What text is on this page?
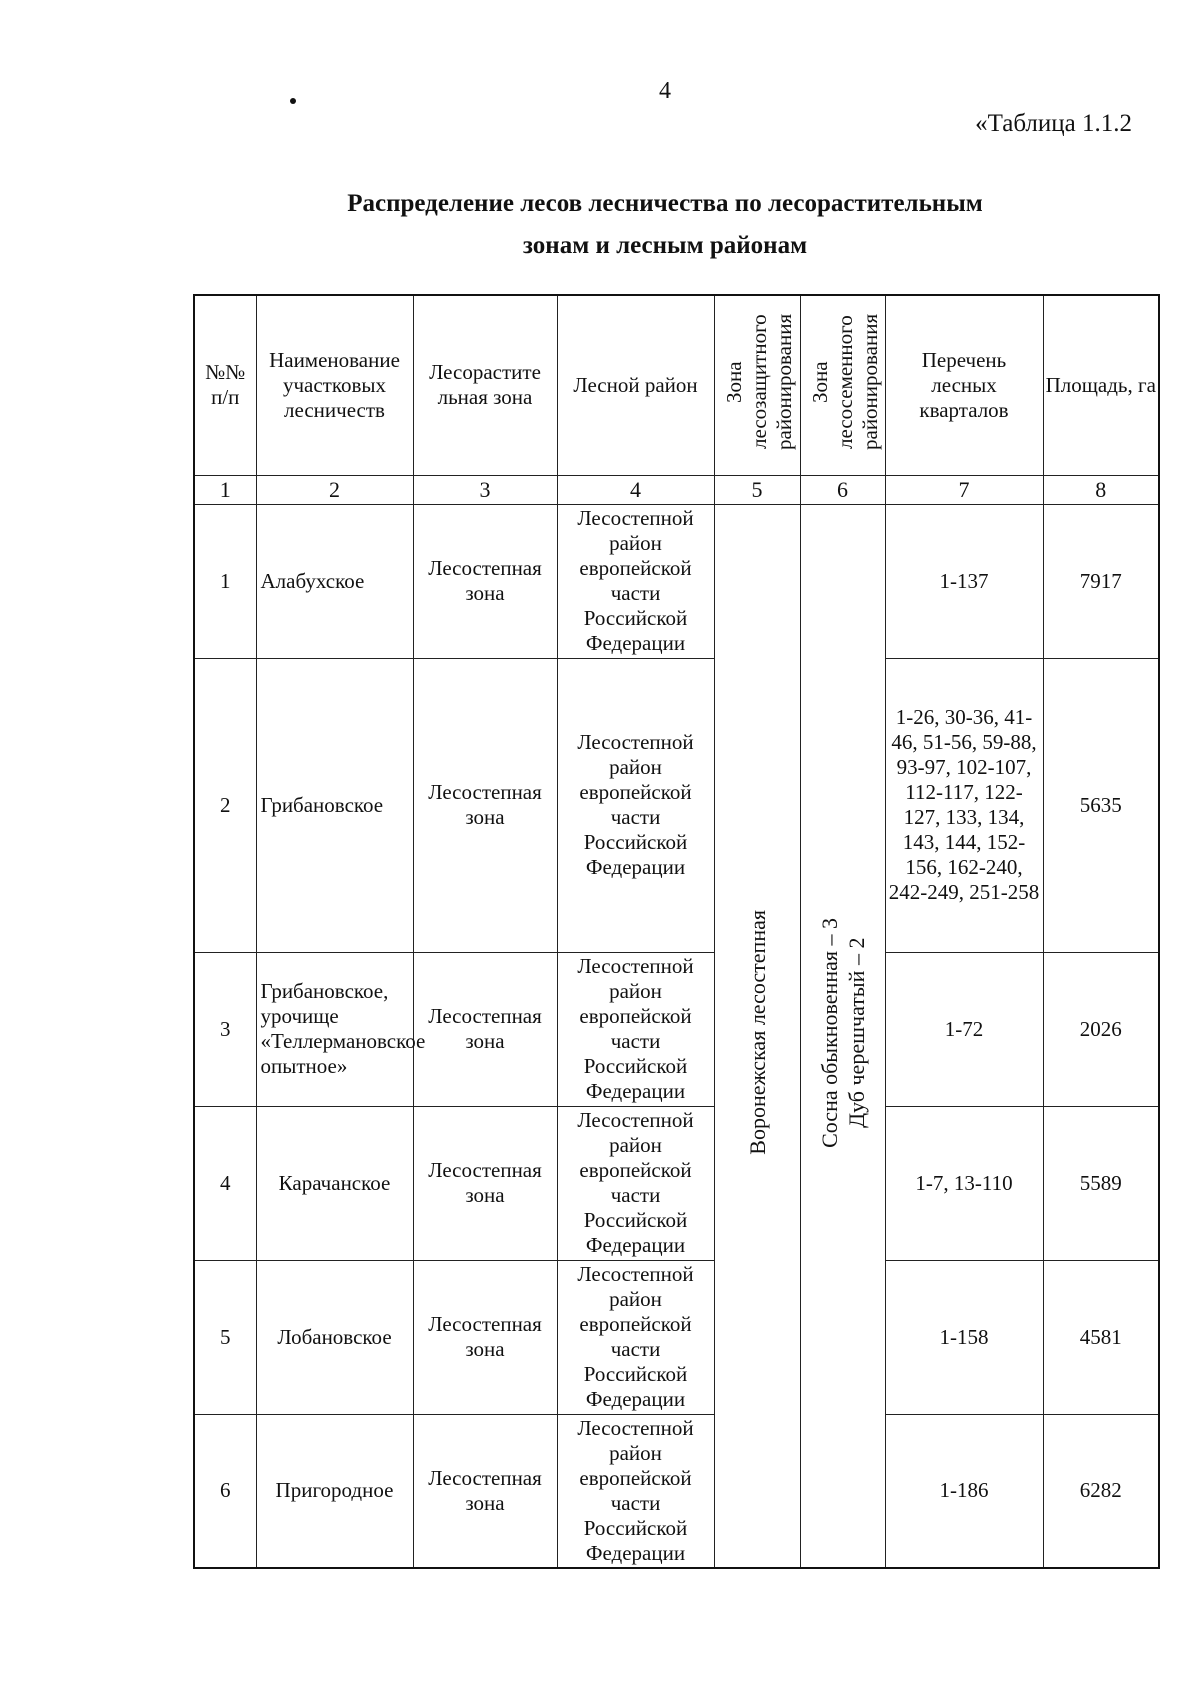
4
«Таблица 1.1.2
Распределение лесов лесничества по лесорастительным
зонам и лесным районам
№№ п/п	Наименование участковых лесничеств	Лесорастите льная зона	Лесной район	Зона лесозащитного районирования	Зона лесосеменного районирования	Перечень лесных кварталов	Площадь, га
1	2	3	4	5	6	7	8
1	Алабухское	Лесостепная зона	Лесостепной район европейской части Российской Федерации	Воронежская лесостепная	Сосна обыкновенная – 3
Дуб черешчатый – 2	1-137	7917
2	Грибановское	Лесостепная зона	Лесостепной район европейской части Российской Федерации			1-26, 30-36, 41-46, 51-56, 59-88, 93-97, 102-107, 112-117, 122-127, 133, 134, 143, 144, 152-156, 162-240, 242-249, 251-258	5635
3	Грибановское, урочище «Теллермановское опытное»	Лесостепная зона	Лесостепной район европейской части Российской Федерации			1-72	2026
4	Карачанское	Лесостепная зона	Лесостепной район европейской части Российской Федерации			1-7, 13-110	5589
5	Лобановское	Лесостепная зона	Лесостепной район европейской части Российской Федерации			1-158	4581
6	Пригородное	Лесостепная зона	Лесостепной район европейской части Российской Федерации			1-186	6282
